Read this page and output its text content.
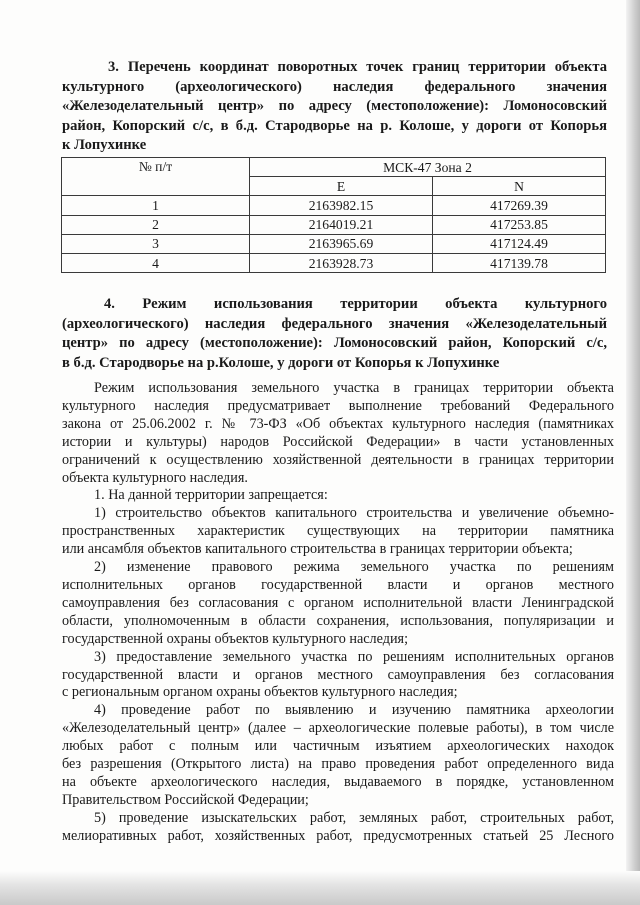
3. Перечень координат поворотных точек границ территории объекта
культурного (археологического) наследия федерального значения
«Железоделательный центр» по адресу (местоположение): Ломоносовский
район, Копорский с/с, в б.д. Стародворье на р. Колоше, у дороги от Копорья
к Лопухинке
№ п/т	МСК-47 Зона 2	
	E	N
1	2163982.15	417269.39
2	2164019.21	417253.85
3	2163965.69	417124.49
4	2163928.73	417139.78
4. Режим использования территории объекта культурного
(археологического) наследия федерального значения «Железоделательный
центр» по адресу (местоположение): Ломоносовский район, Копорский с/с,
в б.д. Стародворье на р.Колоше, у дороги от Копорья к Лопухинке
Режим использования земельного участка в границах территории объекта
культурного наследия предусматривает выполнение требований Федерального
закона от 25.06.2002 г. № 73-ФЗ «Об объектах культурного наследия (памятниках
истории и культуры) народов Российской Федерации» в части установленных
ограничений к осуществлению хозяйственной деятельности в границах территории
объекта культурного наследия.
1. На данной территории запрещается:
1) строительство объектов капитального строительства и увеличение объемно-
пространственных характеристик существующих на территории памятника
или ансамбля объектов капитального строительства в границах территории объекта;
2) изменение правового режима земельного участка по решениям
исполнительных органов государственной власти и органов местного
самоуправления без согласования с органом исполнительной власти Ленинградской
области, уполномоченным в области сохранения, использования, популяризации и
государственной охраны объектов культурного наследия;
3) предоставление земельного участка по решениям исполнительных органов
государственной власти и органов местного самоуправления без согласования
с региональным органом охраны объектов культурного наследия;
4) проведение работ по выявлению и изучению памятника археологии
«Железоделательный центр» (далее – археологические полевые работы), в том числе
любых работ с полным или частичным изъятием археологических находок
без разрешения (Открытого листа) на право проведения работ определенного вида
на объекте археологического наследия, выдаваемого в порядке, установленном
Правительством Российской Федерации;
5) проведение изыскательских работ, земляных работ, строительных работ,
мелиоративных работ, хозяйственных работ, предусмотренных статьей 25 Лесного
